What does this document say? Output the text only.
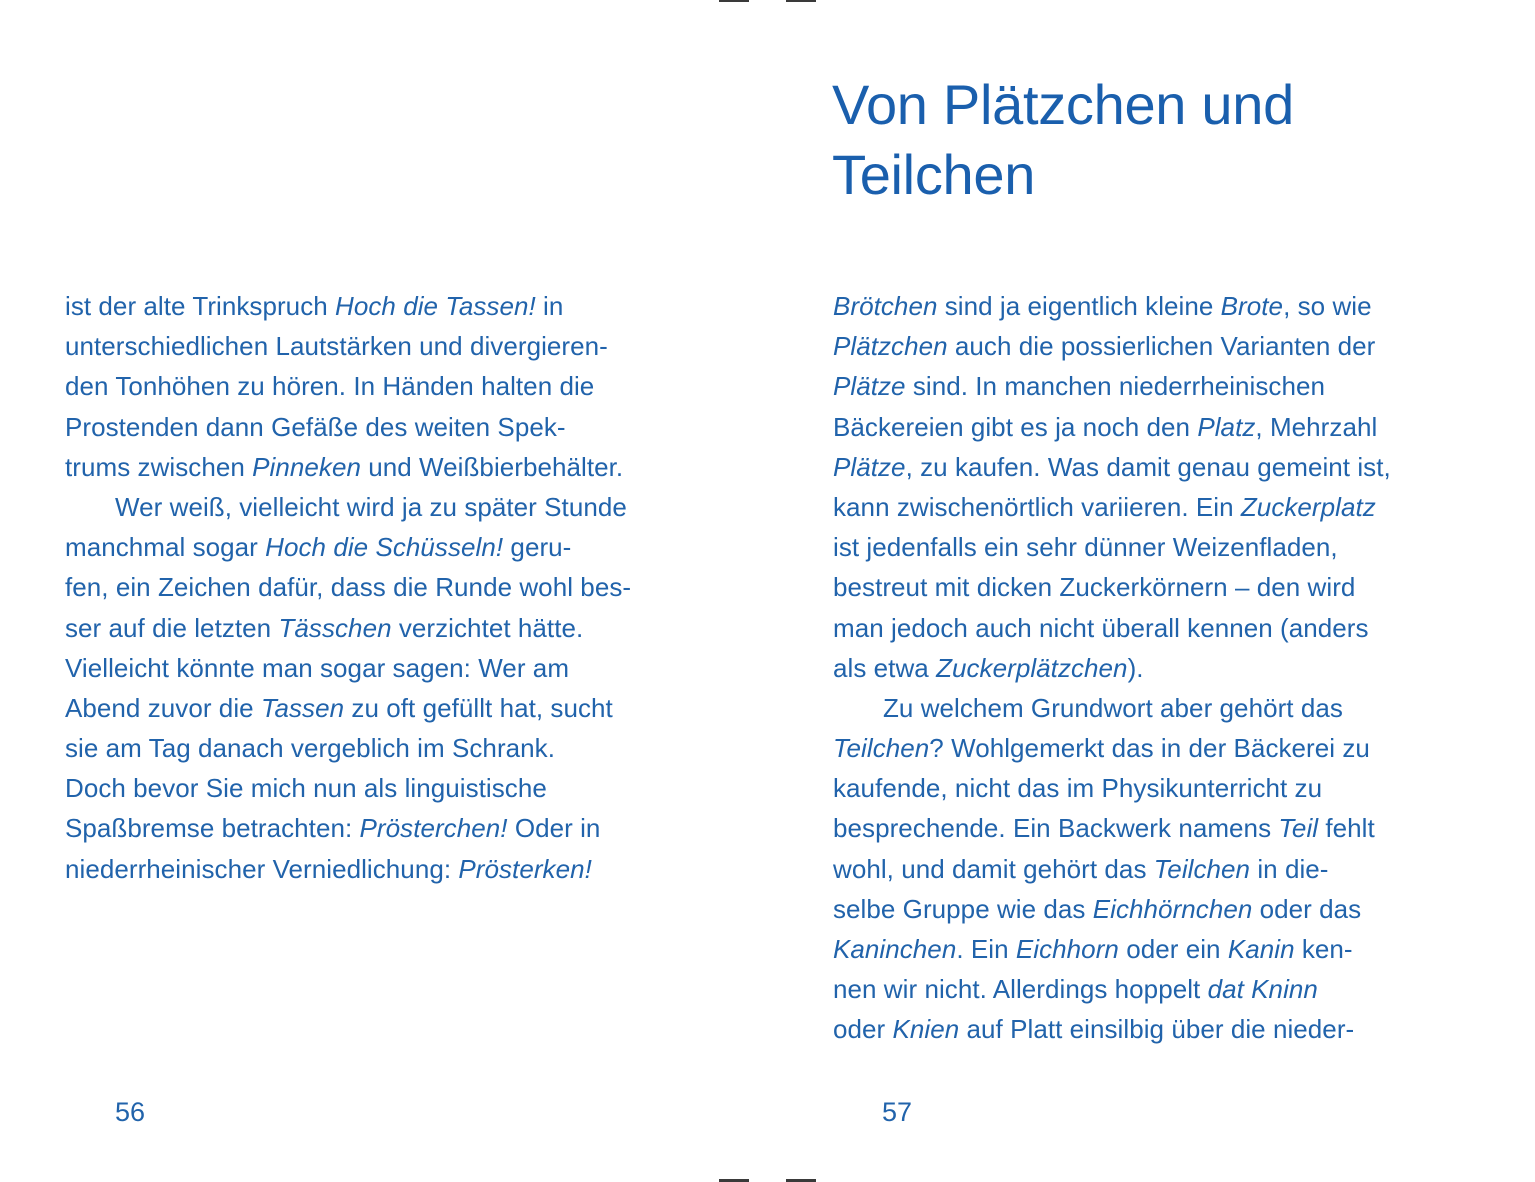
ist der alte Trinkspruch Hoch die Tassen! in
unterschiedlichen Lautstärken und divergieren-
den Tonhöhen zu hören. In Händen halten die
Prostenden dann Gefäße des weiten Spek-
trums zwischen Pinneken und Weißbierbehälter.
Wer weiß, vielleicht wird ja zu später Stunde
manchmal sogar Hoch die Schüsseln! geru-
fen, ein Zeichen dafür, dass die Runde wohl bes-
ser auf die letzten Tässchen verzichtet hätte.
Vielleicht könnte man sogar sagen: Wer am
Abend zuvor die Tassen zu oft gefüllt hat, sucht
sie am Tag danach vergeblich im Schrank.
Doch bevor Sie mich nun als linguistische
Spaßbremse betrachten: Prösterchen! Oder in
niederrheinischer Verniedlichung: Prösterken!
56
Von Plätzchen und
Teilchen
Brötchen sind ja eigentlich kleine Brote, so wie
Plätzchen auch die possierlichen Varianten der
Plätze sind. In manchen niederrheinischen
Bäckereien gibt es ja noch den Platz, Mehrzahl
Plätze, zu kaufen. Was damit genau gemeint ist,
kann zwischenörtlich variieren. Ein Zuckerplatz
ist jedenfalls ein sehr dünner Weizenfladen,
bestreut mit dicken Zuckerkörnern – den wird
man jedoch auch nicht überall kennen (anders
als etwa Zuckerplätzchen).
Zu welchem Grundwort aber gehört das
Teilchen? Wohlgemerkt das in der Bäckerei zu
kaufende, nicht das im Physikunterricht zu
besprechende. Ein Backwerk namens Teil fehlt
wohl, und damit gehört das Teilchen in die-
selbe Gruppe wie das Eichhörnchen oder das
Kaninchen. Ein Eichhorn oder ein Kanin ken-
nen wir nicht. Allerdings hoppelt dat Kninn
oder Knien auf Platt einsilbig über die nieder-
57
